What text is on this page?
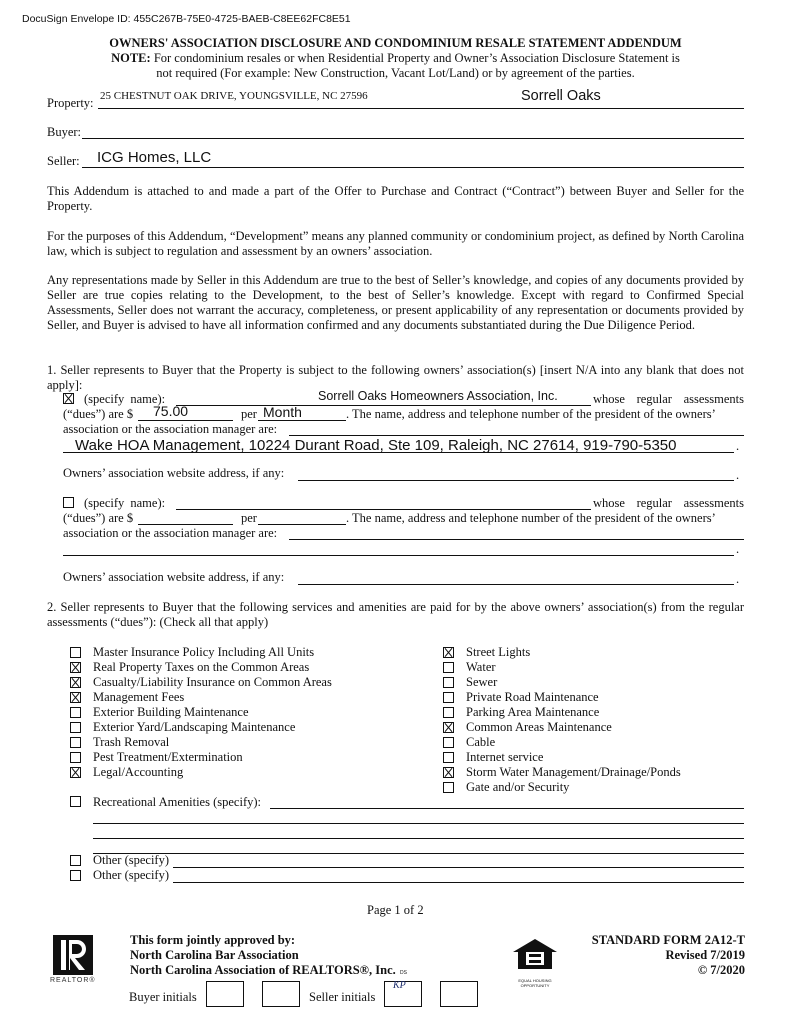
DocuSign Envelope ID: 455C267B-75E0-4725-BAEB-C8EE62FC8E51
OWNERS' ASSOCIATION DISCLOSURE AND CONDOMINIUM RESALE STATEMENT ADDENDUM
NOTE: For condominium resales or when Residential Property and Owner’s Association Disclosure Statement is
not required (For example: New Construction, Vacant Lot/Land) or by agreement of the parties.
Property: 25 CHESTNUT OAK DRIVE, YOUNGSVILLE, NC 27596	Sorrell Oaks
Buyer:
Seller: ICG Homes, LLC
This Addendum is attached to and made a part of the Offer to Purchase and Contract (“Contract”) between Buyer and Seller for the Property.
For the purposes of this Addendum, “Development” means any planned community or condominium project, as defined by North Carolina law, which is subject to regulation and assessment by an owners’ association.
Any representations made by Seller in this Addendum are true to the best of Seller’s knowledge, and copies of any documents provided by Seller are true copies relating to the Development, to the best of Seller’s knowledge. Except with regard to Confirmed Special Assessments, Seller does not warrant the accuracy, completeness, or present applicability of any representation or documents provided by Seller, and Buyer is advised to have all information confirmed and any documents substantiated during the Due Diligence Period.
1. Seller represents to Buyer that the Property is subject to the following owners’ association(s) [insert N/A into any blank that does not apply]:
(specify name):	Sorrell Oaks Homeowners Association, Inc.	whose regular assessments
(“dues”) are $ 75.00	per Month	. The name, address and telephone number of the president of the owners’
association or the association manager are:
Wake HOA Management, 10224 Durant Road, Ste 109, Raleigh, NC 27614, 919-790-5350	.
Owners’ association website address, if any:	.
(specify name):	whose regular assessments
(“dues”) are $	per	. The name, address and telephone number of the president of the owners’
association or the association manager are:
.
Owners’ association website address, if any:	.
2. Seller represents to Buyer that the following services and amenities are paid for by the above owners’ association(s) from the regular assessments (“dues”): (Check all that apply)
Master Insurance Policy Including All Units
Real Property Taxes on the Common Areas
Casualty/Liability Insurance on Common Areas
Management Fees
Exterior Building Maintenance
Exterior Yard/Landscaping Maintenance
Trash Removal
Pest Treatment/Extermination
Legal/Accounting
Street Lights
Water
Sewer
Private Road Maintenance
Parking Area Maintenance
Common Areas Maintenance
Cable
Internet service
Storm Water Management/Drainage/Ponds
Gate and/or Security
Recreational Amenities (specify):
Other (specify)
Other (specify)
Page 1 of 2
REALTOR®
This form jointly approved by:
North Carolina Bar Association
North Carolina Association of REALTORS®, Inc. DS
Buyer initials	Seller initials
KP	EQUAL HOUSING OPPORTUNITY
STANDARD FORM 2A12-T
Revised 7/2019
© 7/2020
